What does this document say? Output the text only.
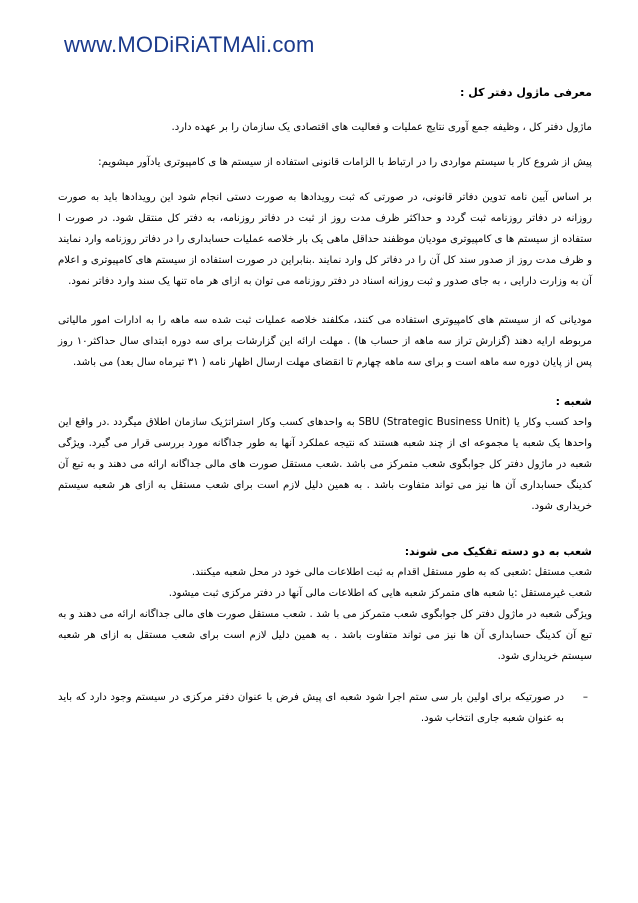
www.MODiRiATMAli.com

معرفی ماژول دفتر کل :

ماژول دفتر کل ، وظیفه جمع آوری نتایج عملیات و فعالیت های اقتصادی یک سازمان را بر عهده دارد.

پیش از شروع کار با سیستم مواردی را در ارتباط با الزامات قانونی استفاده از سیستم ها ی کامپیوتری یادآور میشویم:

بر اساس آیین نامه تدوین دفاتر قانونی، در صورتی که ثبت رویدادها به صورت دستی انجام شود این رویدادها باید به صورت روزانه در دفاتر روزنامه ثبت گردد و حداکثر ظرف مدت روز از ثبت در دفاتر روزنامه، به دفتر کل منتقل شود. در صورت ا ستفاده از سیستم ها ی کامپیوتری مودیان موظفند حداقل ماهی یک بار خلاصه عملیات حسابداری را در دفاتر روزنامه وارد نمایند و ظرف مدت روز از صدور سند کل آن را در دفاتر کل وارد نمایند .بنابراین در صورت استفاده از سیستم های کامپیوتری و اعلام آن به وزارت دارایی ، به جای صدور و ثبت روزانه اسناد در دفتر روزنامه می توان به ازای هر ماه تنها یک سند وارد دفاتر نمود.

مودیانی که از سیستم های کامپیوتری استفاده می کنند، مکلفند خلاصه عملیات ثبت شده سه ماهه را به ادارات امور مالیاتی مربوطه ارایه دهند (گزارش تراز سه ماهه از حساب ها) . مهلت ارائه این گزارشات برای سه دوره ابتدای سال حداکثر۱۰ روز پس از پایان دوره سه ماهه است و برای سه ماهه چهارم تا انقضای مهلت ارسال اظهار نامه ( ۳۱ تیرماه سال بعد) می باشد.

شعبه :

واحد کسب وکار یا SBU (Strategic Business Unit) به واحدهای کسب وکار استراتژیک سازمان اطلاق میگردد .در واقع این واحدها یک شعبه یا مجموعه ای از چند شعبه هستند که نتیجه عملکرد آنها به طور جداگانه مورد بررسی قرار می گیرد. ویژگی شعبه در ماژول دفتر کل جوابگوی شعب متمرکز می باشد .شعب مستقل صورت های مالی جداگانه ارائه می دهند و به تبع آن کدینگ حسابداری آن ها نیز می تواند متفاوت باشد . به همین دلیل لازم است برای شعب مستقل به ازای هر شعبه سیستم خریداری شود.

شعب به دو دسته تفکیک می شوند:

شعب مستقل :شعبی که به طور مستقل اقدام به ثبت اطلاعات مالی خود در محل شعبه میکنند.

شعب غیرمستقل :یا شعبه های متمرکز شعبه هایی که اطلاعات مالی آنها در دفتر مرکزی ثبت میشود.

ویژگی شعبه در ماژول دفتر کل جوابگوی شعب متمرکز می با شد . شعب مستقل صورت های مالی جداگانه ارائه می دهند و به تبع آن کدینگ حسابداری آن ها نیز می تواند متفاوت باشد . به همین دلیل لازم است برای شعب مستقل به ازای هر شعبه سیستم خریداری شود.

–
در صورتیکه برای اولین بار سی ستم اجرا شود شعبه ای پیش فرض با عنوان دفتر مرکزی در سیستم وجود دارد که باید به عنوان شعبه جاری انتخاب شود.
